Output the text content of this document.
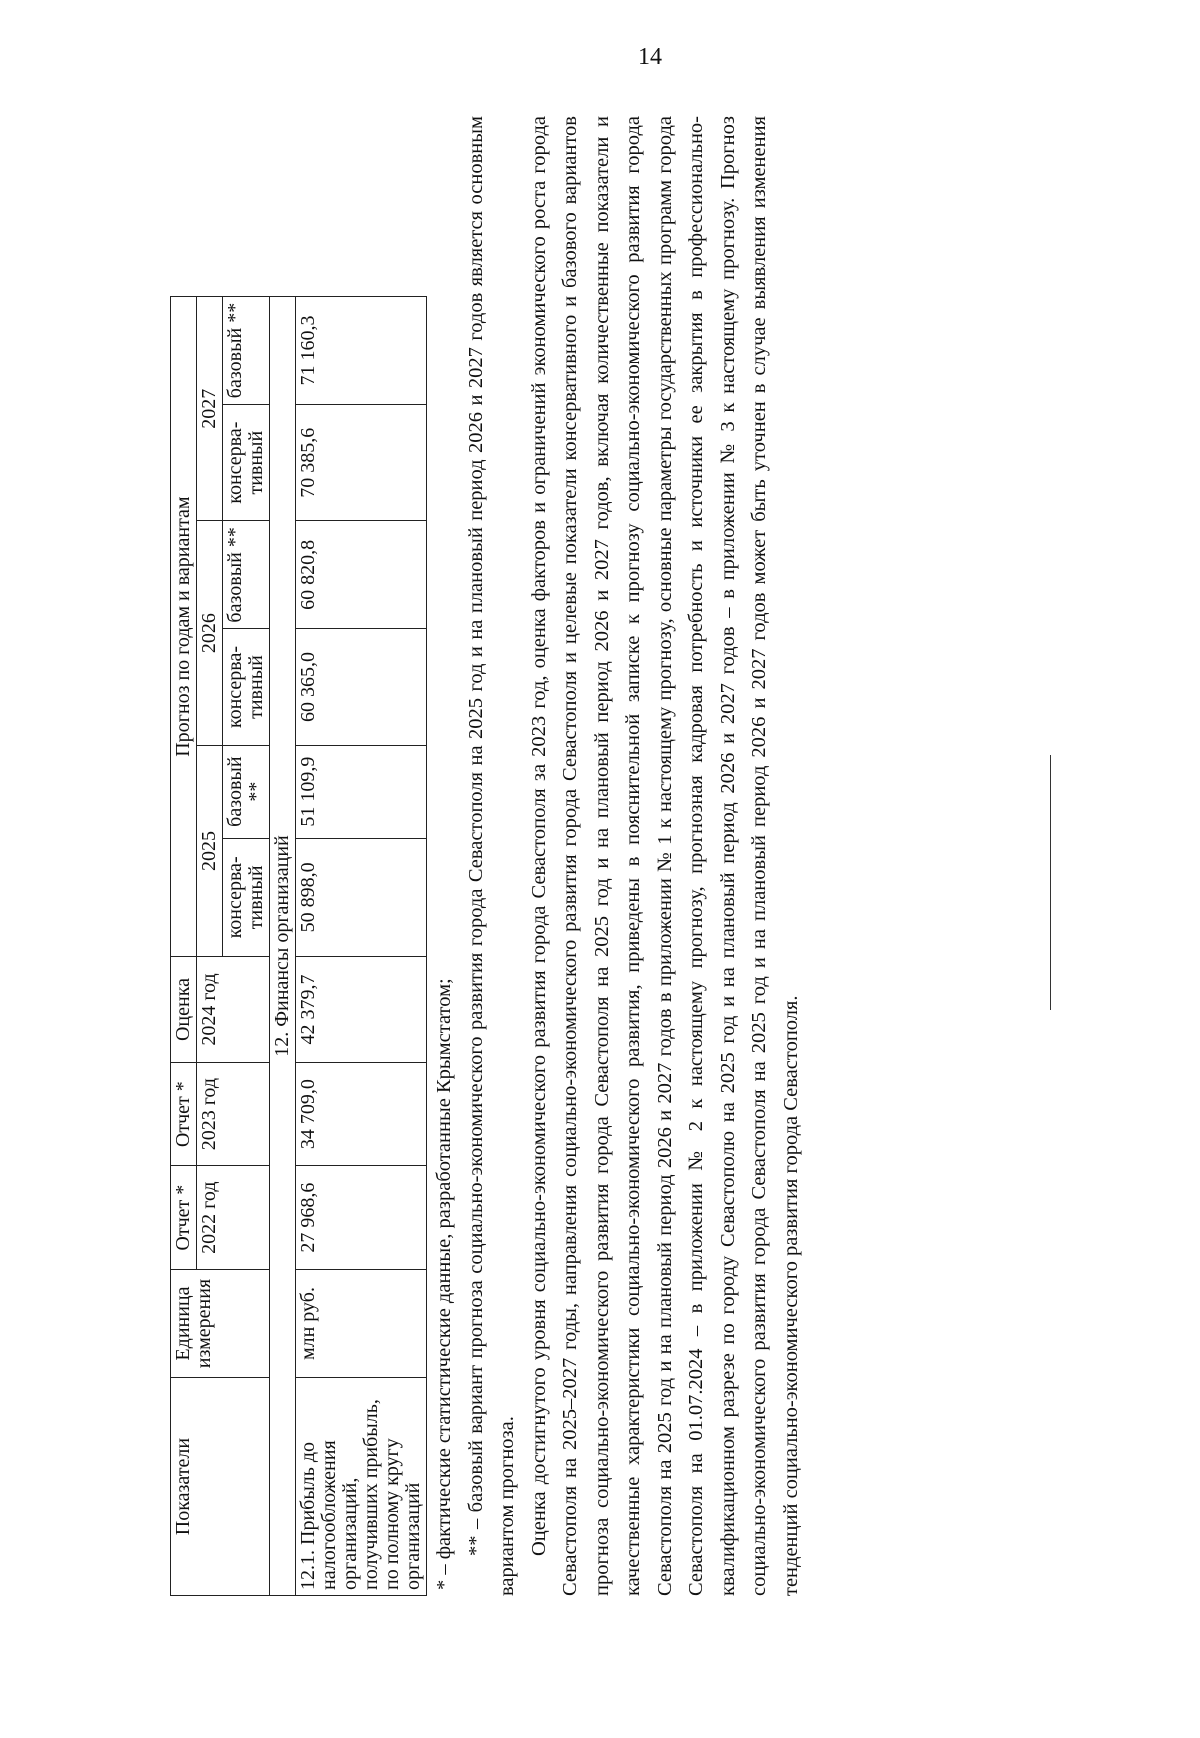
14
Показатели	Единица измерения	Отчет *	Отчет *	Оценка	Прогноз по годам и вариантам					
		2022 год	2023 год	2024 год	2025		2026		2027	
					консерва-тивный	базовый **	консерва-тивный	базовый **	консерва-тивный	базовый **
12. Финансы организаций										
12.1. Прибыль до налогообложения организаций, получивших прибыль, по полному кругу организаций	млн руб.	27 968,6	34 709,0	42 379,7	50 898,0	51 109,9	60 365,0	60 820,8	70 385,6	71 160,3

* – фактические статистические данные, разработанные Крымстатом; ** – базовый вариант прогноза социально-экономического развития города Севастополя на 2025 год и на плановый период 2026 и 2027 годов является основным вариантом прогноза. Оценка достигнутого уровня социально-экономического развития города Севастополя за 2023 год, оценка факторов и ограничений экономического роста города Севастополя на 2025–2027 годы, направления социально-экономического развития города Севастополя и целевые показатели консервативного и базового вариантов прогноза социально-экономического развития города Севастополя на 2025 год и на плановый период 2026 и 2027 годов, включая количественные показатели и качественные характеристики социально-экономического развития, приведены в пояснительной записке к прогнозу социально-экономического развития города Севастополя на 2025 год и на плановый период 2026 и 2027 годов в приложении № 1 к настоящему прогнозу, основные параметры государственных программ города Севастополя на 01.07.2024 – в приложении № 2 к настоящему прогнозу, прогнозная кадровая потребность и источники ее закрытия в профессионально-квалификационном разрезе по городу Севастополю на 2025 год и на плановый период 2026 и 2027 годов – в приложении № 3 к настоящему прогнозу. Прогноз социально-экономического развития города Севастополя на 2025 год и на плановый период 2026 и 2027 годов может быть уточнен в случае выявления изменения тенденций социально-экономического развития города Севастополя.
